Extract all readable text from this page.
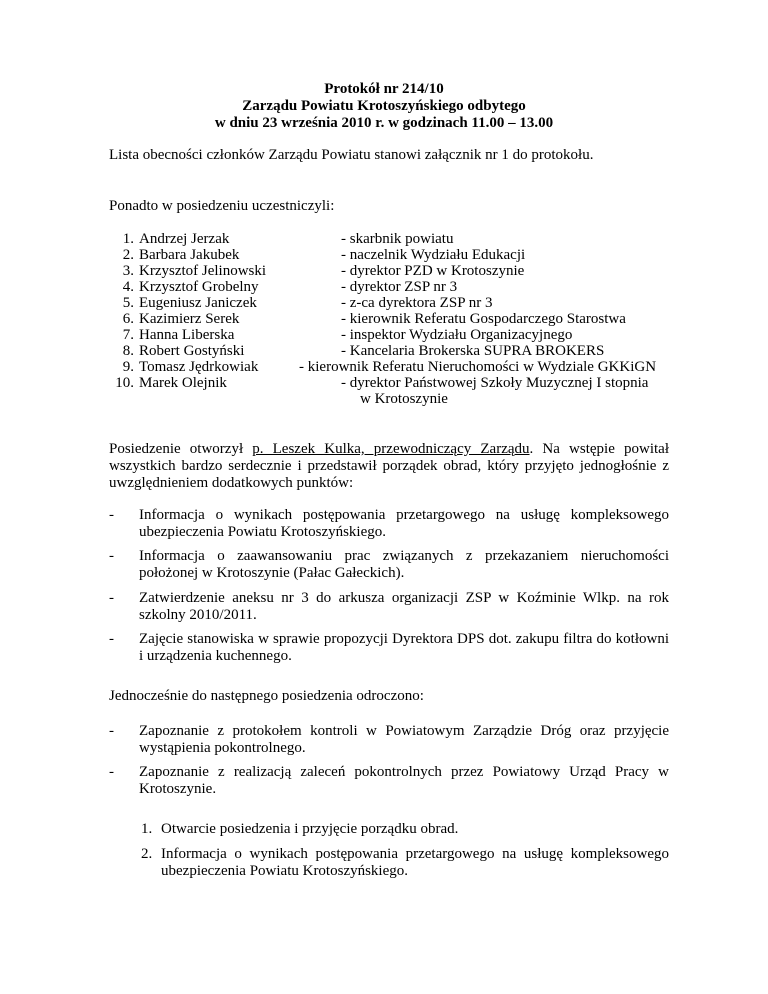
Protokół nr 214/10
Zarządu Powiatu Krotoszyńskiego odbytego
w dniu 23 września 2010 r. w godzinach 11.00 – 13.00
Lista obecności członków Zarządu Powiatu stanowi załącznik nr 1 do protokołu.
Ponadto w posiedzeniu uczestniczyli:
1. Andrzej Jerzak	- skarbnik powiatu
2. Barbara Jakubek	- naczelnik Wydziału Edukacji
3. Krzysztof Jelinowski	- dyrektor PZD w Krotoszynie
4. Krzysztof Grobelny	- dyrektor ZSP nr 3
5. Eugeniusz Janiczek	- z-ca dyrektora ZSP nr 3
6. Kazimierz Serek	- kierownik Referatu Gospodarczego Starostwa
7. Hanna Liberska	- inspektor Wydziału Organizacyjnego
8. Robert Gostyński	- Kancelaria Brokerska SUPRA BROKERS
9. Tomasz Jędrkowiak	- kierownik Referatu Nieruchomości w Wydziale GKKiGN
10. Marek Olejnik	- dyrektor Państwowej Szkoły Muzycznej I stopnia
w Krotoszynie
Posiedzenie otworzył p. Leszek Kulka, przewodniczący Zarządu. Na wstępie powitał wszystkich bardzo serdecznie i przedstawił porządek obrad, który przyjęto jednogłośnie z uwzględnieniem dodatkowych punktów:
- Informacja o wynikach postępowania przetargowego na usługę kompleksowego ubezpieczenia Powiatu Krotoszyńskiego.
- Informacja o zaawansowaniu prac związanych z przekazaniem nieruchomości położonej w Krotoszynie (Pałac Gałeckich).
- Zatwierdzenie aneksu nr 3 do arkusza organizacji ZSP w Koźminie Wlkp. na rok szkolny 2010/2011.
- Zajęcie stanowiska w sprawie propozycji Dyrektora DPS dot. zakupu filtra do kotłowni i urządzenia kuchennego.
Jednocześnie do następnego posiedzenia odroczono:
- Zapoznanie z protokołem kontroli w Powiatowym Zarządzie Dróg oraz przyjęcie wystąpienia pokontrolnego.
- Zapoznanie z realizacją zaleceń pokontrolnych przez Powiatowy Urząd Pracy w Krotoszynie.
1. Otwarcie posiedzenia i przyjęcie porządku obrad.
2. Informacja o wynikach postępowania przetargowego na usługę kompleksowego ubezpieczenia Powiatu Krotoszyńskiego.
